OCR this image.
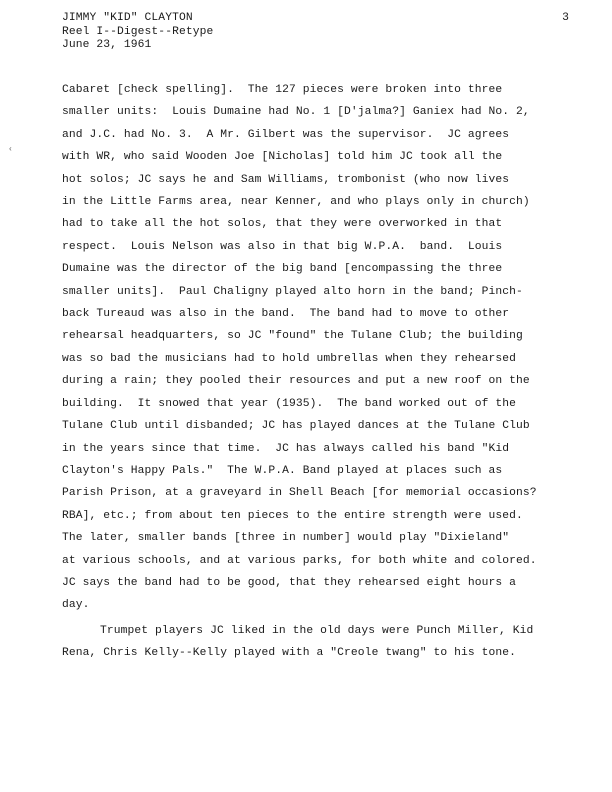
JIMMY "KID" CLAYTON
Reel I--Digest--Retype
June 23, 1961
3
‹
Cabaret [check spelling].  The 127 pieces were broken into three
smaller units:  Louis Dumaine had No. 1 [D'jalma?] Ganiex had No. 2,
and J.C. had No. 3.  A Mr. Gilbert was the supervisor.  JC agrees
with WR, who said Wooden Joe [Nicholas] told him JC took all the
hot solos; JC says he and Sam Williams, trombonist (who now lives
in the Little Farms area, near Kenner, and who plays only in church)
had to take all the hot solos, that they were overworked in that
respect.  Louis Nelson was also in that big W.P.A.  band.  Louis
Dumaine was the director of the big band [encompassing the three
smaller units].  Paul Chaligny played alto horn in the band; Pinch-
back Tureaud was also in the band.  The band had to move to other
rehearsal headquarters, so JC "found" the Tulane Club; the building
was so bad the musicians had to hold umbrellas when they rehearsed
during a rain; they pooled their resources and put a new roof on the
building.  It snowed that year (1935).  The band worked out of the
Tulane Club until disbanded; JC has played dances at the Tulane Club
in the years since that time.  JC has always called his band "Kid
Clayton's Happy Pals."  The W.P.A. Band played at places such as
Parish Prison, at a graveyard in Shell Beach [for memorial occasions?
RBA], etc.; from about ten pieces to the entire strength were used.
The later, smaller bands [three in number] would play "Dixieland"
at various schools, and at various parks, for both white and colored.
JC says the band had to be good, that they rehearsed eight hours a
day.
Trumpet players JC liked in the old days were Punch Miller, Kid
Rena, Chris Kelly--Kelly played with a "Creole twang" to his tone.
